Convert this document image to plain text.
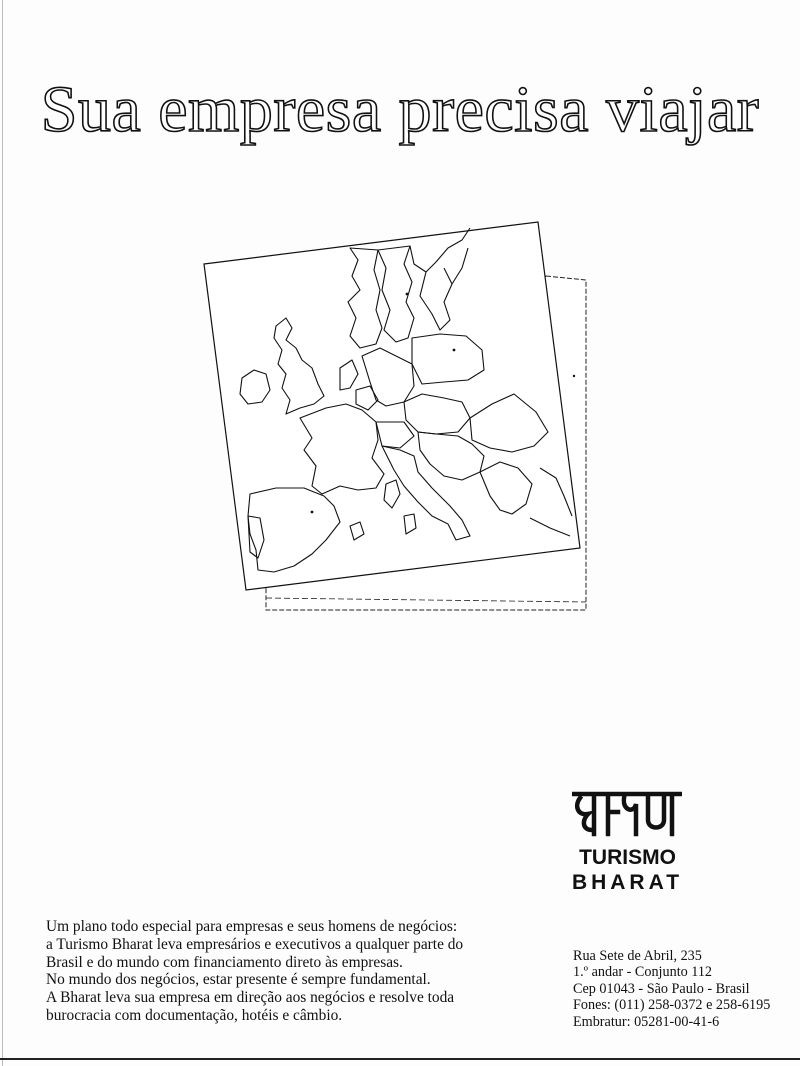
Sua empresa precisa viajar
TURISMO
BHARAT
Um plano todo especial para empresas e seus homens de negócios:
a Turismo Bharat leva empresários e executivos a qualquer parte do
Brasil e do mundo com financiamento direto às empresas.
No mundo dos negócios, estar presente é sempre fundamental.
A Bharat leva sua empresa em direção aos negócios e resolve toda
burocracia com documentação, hotéis e câmbio.
Rua Sete de Abril, 235
1.º andar - Conjunto 112
Cep 01043 - São Paulo - Brasil
Fones: (011) 258-0372 e 258-6195
Embratur: 05281-00-41-6
